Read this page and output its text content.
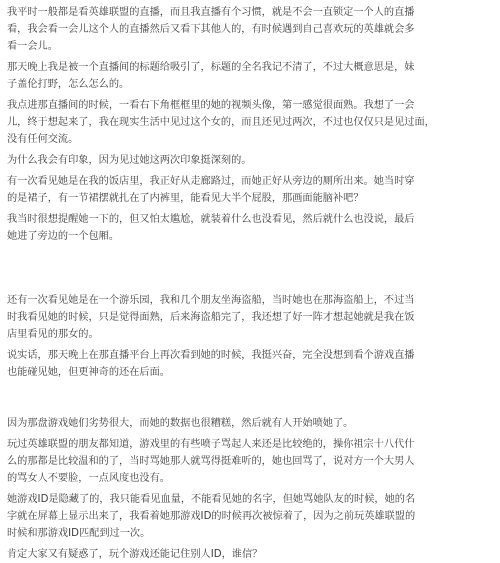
我平时一般都是看英雄联盟的直播，而且我直播有个习惯，就是不会一直锁定一个人的直播
看，我会看一会儿这个人的直播然后又看下其他人的，有时候遇到自己喜欢玩的英雄就会多
看一会儿。

那天晚上我是被一个直播间的标题给吸引了，标题的全名我记不清了，不过大概意思是，妹
子盖伦打野，怎么怎么的。

我点进那直播间的时候，一看右下角框框里的她的视频头像，第一感觉很面熟。我想了一会
儿，终于想起来了，我在现实生活中见过这个女的，而且还见过两次，不过也仅仅只是见过面，
没有任何交流。

为什么我会有印象，因为见过她这两次印象挺深刻的。

有一次看见她是在我的饭店里，我正好从走廊路过，而她正好从旁边的厕所出来。她当时穿
的是裙子，有一节裙摆就扎在了内裤里，能看见大半个屁股，那画面能脑补吧？

我当时很想提醒她一下的，但又怕太尴尬，就装着什么也没看见，然后就什么也没说，最后
她进了旁边的一个包厢。

还有一次看见她是在一个游乐园，我和几个朋友坐海盗船，当时她也在那海盗船上，不过当
时我看见她的时候，只是觉得面熟，后来海盗船完了，我还想了好一阵才想起她就是我在饭
店里看见的那女的。

说实话，那天晚上在那直播平台上再次看到她的时候，我挺兴奋，完全没想到看个游戏直播
也能碰见她，但更神奇的还在后面。

因为那盘游戏她们劣势很大，而她的数据也很糟糕，然后就有人开始喷她了。

玩过英雄联盟的朋友都知道，游戏里的有些喷子骂起人来还是比较绝的，操你祖宗十八代什
么的那都是比较温和的了，当时骂她那人就骂得挺难听的，她也回骂了，说对方一个大男人
的骂女人不要脸，一点风度也没有。

她游戏ID是隐藏了的，我只能看见血量，不能看见她的名字，但她骂她队友的时候，她的名
字就在屏幕上显示出来了，我看着她那游戏ID的时候再次被惊着了，因为之前玩英雄联盟的
时候和那游戏ID匹配到过一次。

肯定大家又有疑惑了，玩个游戏还能记住别人ID，谁信？
